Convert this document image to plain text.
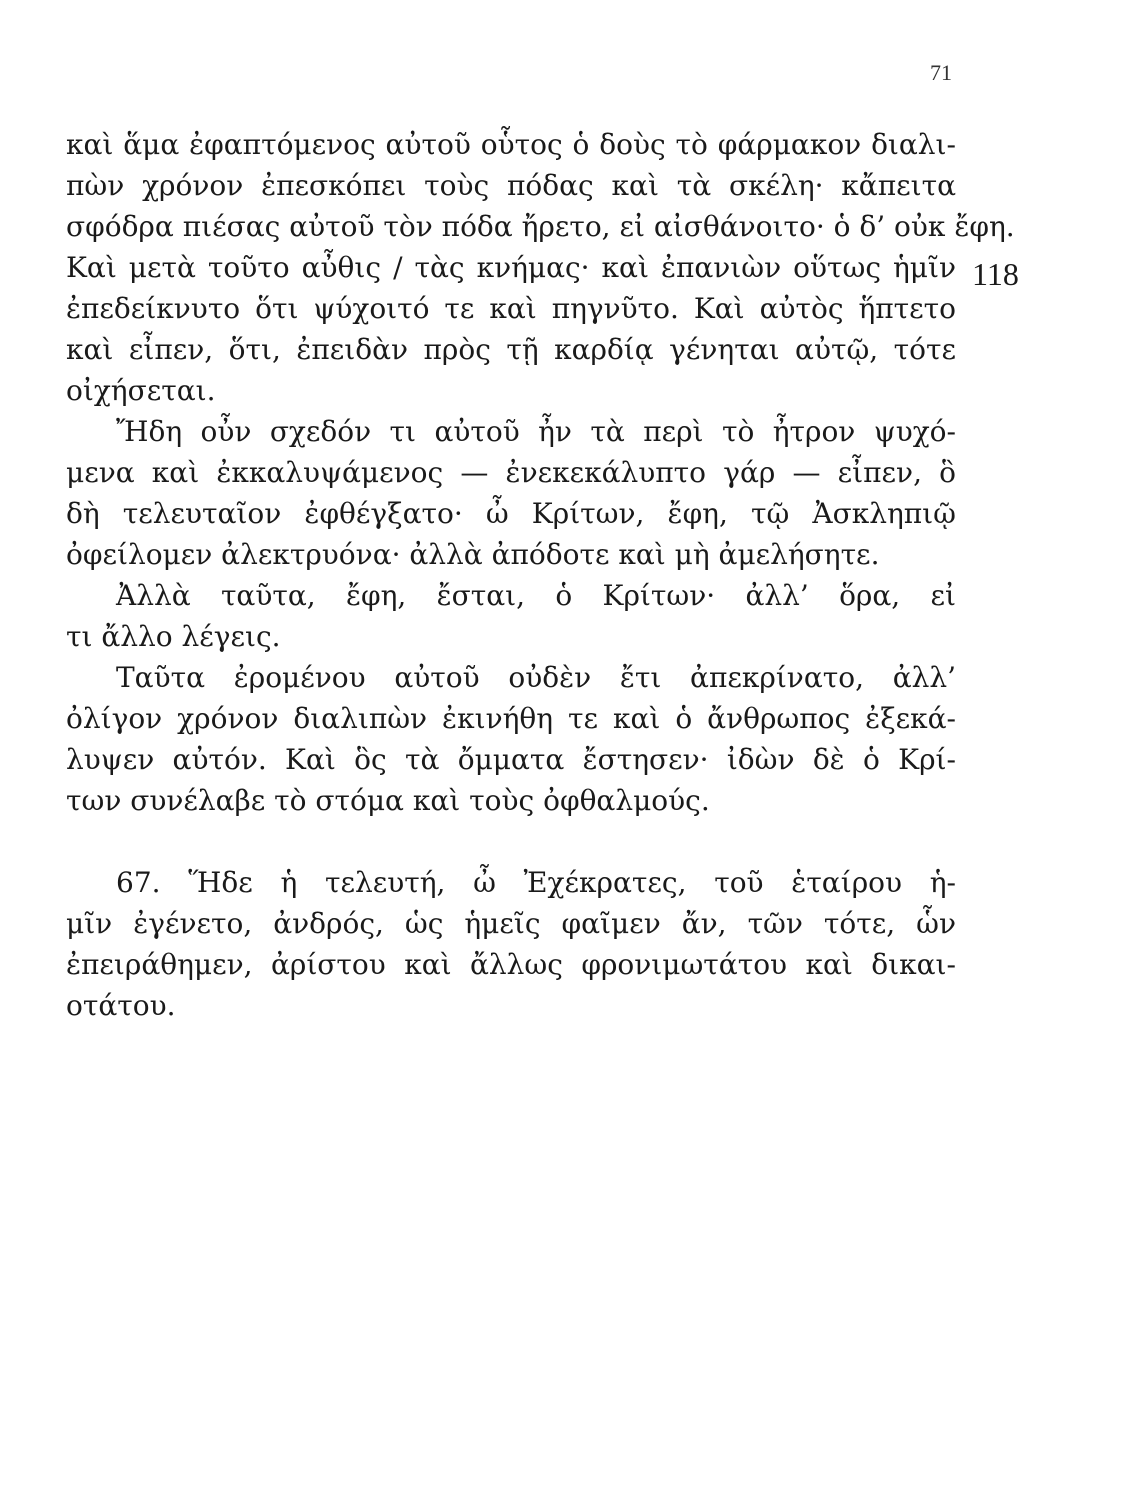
71
118
καὶ ἅμα ἐφαπτόμενος αὐτοῦ οὗτος ὁ δοὺς τὸ φάρμακον διαλι-
πὼν χρόνον ἐπεσκόπει τοὺς πόδας καὶ τὰ σκέλη· κἄπειτα
σφόδρα πιέσας αὐτοῦ τὸν πόδα ἤρετο, εἰ αἰσθάνοιτο· ὁ δ’ οὐκ ἔφη.
Καὶ μετὰ τοῦτο αὖθις / τὰς κνήμας· καὶ ἐπανιὼν οὕτως ἡμῖν
ἐπεδείκνυτο ὅτι ψύχοιτό τε καὶ πηγνῦτο. Καὶ αὐτὸς ἥπτετο
καὶ εἶπεν, ὅτι, ἐπειδὰν πρὸς τῇ καρδίᾳ γένηται αὐτῷ, τότε
οἰχήσεται.
Ἤδη οὖν σχεδόν τι αὐτοῦ ἦν τὰ περὶ τὸ ἦτρον ψυχό-
μενα καὶ ἐκκαλυψάμενος — ἐνεκεκάλυπτο γάρ — εἶπεν, ὃ
δὴ τελευταῖον ἐφθέγξατο· ὦ Κρίτων, ἔφη, τῷ Ἀσκληπιῷ
ὀφείλομεν ἀλεκτρυόνα· ἀλλὰ ἀπόδοτε καὶ μὴ ἀμελήσητε.
Ἀλλὰ ταῦτα, ἔφη, ἔσται, ὁ Κρίτων· ἀλλ’ ὅρα, εἰ
τι ἄλλο λέγεις.
Ταῦτα ἐρομένου αὐτοῦ οὐδὲν ἔτι ἀπεκρίνατο, ἀλλ’
ὀλίγον χρόνον διαλιπὼν ἐκινήθη τε καὶ ὁ ἄνθρωπος ἐξεκά-
λυψεν αὐτόν. Καὶ ὃς τὰ ὄμματα ἔστησεν· ἰδὼν δὲ ὁ Κρί-
των συνέλαβε τὸ στόμα καὶ τοὺς ὀφθαλμούς.
67. Ἥδε ἡ τελευτή, ὦ Ἐχέκρατες, τοῦ ἑταίρου ἡ-
μῖν ἐγένετο, ἀνδρός, ὡς ἡμεῖς φαῖμεν ἄν, τῶν τότε, ὧν
ἐπειράθημεν, ἀρίστου καὶ ἄλλως φρονιμωτάτου καὶ δικαι-
οτάτου.
